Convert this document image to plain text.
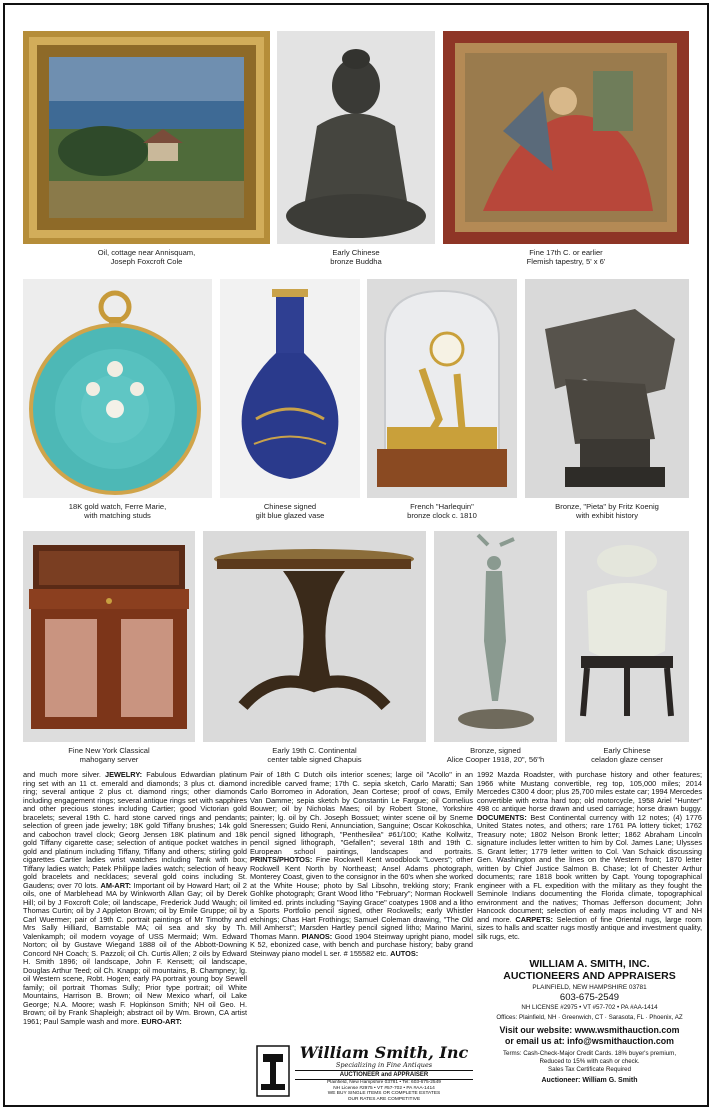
Oil, cottage near Annisquam,
Joseph Foxcroft Cole
Early Chinese
bronze Buddha
Fine 17th C. or earlier
Flemish tapestry, 5' x 6'
18K gold watch, Ferre Marie,
with matching studs
Chinese signed
gilt blue glazed vase
French "Harlequin"
bronze clock c. 1810
Bronze, "Pieta" by Fritz Koenig
with exhibit history
Fine New York Classical
mahogany server
Early 19th C. Continental
center table signed Chapuis
Bronze, signed
Alice Cooper 1918, 20", 56"h
Early Chinese
celadon glaze censer

and much more silver. JEWELRY: Fabulous Edwardian platinum ring set with an 11 ct. emerald and diamonds; 3 plus ct. diamond ring; several antique 2 plus ct. diamond rings; other diamonds including engagement rings; several antique rings set with sapphires and other precious stones including Cartier; good Victorian gold bracelets; several 19th C. hard stone carved rings and pendants; selection of green jade jewelry; 18K gold Tiffany brushes; 14k gold and cabochon travel clock; Georg Jensen 18K platinum and 18k gold Tiffany cigarette case; selection of antique pocket watches in gold and platinum including Tiffany, Tiffany and others; stirling gold cigarettes Cartier ladies wrist watches including Tank with box; Tiffany ladies watch; Patek Philippe ladies watch; selection of heavy gold bracelets and necklaces; several gold coins including St. Gaudens; over 70 lots. AM-ART: Important oil by Howard Hart; oil 2 oils, one of Marblehead MA by Winkworth Allan Gay; oil by Derek Hill; oil by J Foxcroft Cole; oil landscape, Frederick Judd Waugh; oil Thomas Curtin; oil by J Appleton Brown; oil by Emile Gruppe; oil by Carl Wuermer; pair of 19th C. portrait paintings of Mr Timothy and Mrs Sally Hilliard, Barnstable MA; oil sea and sky by Th. Valenkamph; oil modern voyage of USS Mermaid; Wm. Edward Norton; oil by Gustave Wiegand 1888 oil of the Abbott-Downing Concord NH Coach; S. Pazzoli; oil Ch. Curtis Allen; 2 oils by Edward H. Smith 1896; oil landscape, John F. Kensett; oil landscape, Douglas Arthur Teed; oil Ch. Knapp; oil mountains, B. Champney; lg. oil Western scene, Robt. Hogen; early PA portrait young boy Sewell family; oil portrait Thomas Sully; Prior type portrait; oil White Mountains, Harrison B. Brown; oil New Mexico wharf, oil Lake George; N.A. Moore; wash F. Hopkinson Smith; NH oil Geo. H. Brown; oil by Frank Shapleigh; abstract oil by Wm. Brown, CA artist 1961; Paul Sample wash and more. EURO-ART:

Pair of 18th C Dutch oils interior scenes; large oil "Acollo" in an incredible carved frame; 17th C. sepia sketch, Carlo Maratti; San Carlo Borromeo in Adoration, Jean Cortese; proof of cows, Emily Van Damme; sepia sketch by Constantin Le Fargue; oil Cornelius Bouwer; oil by Nicholas Maes; oil by Robert Stone, Yorkshire painter; lg. oil by Ch. Joseph Bossuet; winter scene oil by Sneme Sneressen; Guido Reni, Annunciation, Sanguine; Oscar Kokoschka, pencil signed lithograph, "Penthesilea" #61/100; Kathe Kollwitz, pencil signed lithograph, "Gefallen"; several 18th and 19th C. European school paintings, landscapes and portraits. PRINTS/PHOTOS: Fine Rockwell Kent woodblock "Lovers"; other Rockwell Kent North by Northeast; Ansel Adams photograph, Monterey Coast, given to the consignor in the 60's when she worked at the White House; photo by Sal Libsohn, trekking story; Frank Gohlke photograph; Grant Wood litho "February"; Norman Rockwell limited ed. prints including "Saying Grace" coatypes 1908 and a litho a Sports Portfolio pencil signed, other Rockwells; early Whistler etchings; Chas Hart Frothings; Samuel Coleman drawing, "The Old Mill Amherst"; Marsden Hartley pencil signed litho; Marino Marini, Thomas Mann. PIANOS: Good 1904 Steinway upright piano, model K 52, ebonized case, with bench and purchase history; baby grand Steinway piano model L ser. # 155582 etc. AUTOS:

1992 Mazda Roadster, with purchase history and other features; 1966 white Mustang convertible, reg top, 105,000 miles; 2014 Mercedes C300 4 door; plus 25,700 miles estate car; 1994 Mercedes convertible with extra hard top; old motorcycle, 1958 Ariel "Hunter" 498 cc antique horse drawn and used carriage; horse drawn buggy. DOCUMENTS: Best Continental currency with 12 notes; (4) 1776 United States notes, and others; rare 1761 PA lottery ticket; 1762 Treasury note; 1802 Nelson Bronk letter; 1862 Abraham Lincoln signature includes letter written to him by Col. James Lane; Ulysses S. Grant letter; 1779 letter written to Col. Van Schaick discussing Gen. Washington and the lines on the Western front; 1870 letter written by Chief Justice Salmon B. Chase; lot of Chester Arthur documents; rare 1818 book written by Capt. Young topographical engineer with a FL expedition with the military as they fought the Seminole Indians documenting the Florida climate, topographical environment and the natives; Thomas Jefferson document; John Hancock document; selection of early maps including VT and NH and more. CARPETS: Selection of fine Oriental rugs, large room sizes to halls and scatter rugs mostly antique and investment quality, silk rugs, etc.

William Smith, Inc
Specializing in Fine Antiques
AUCTIONEER and APPRAISER
Plainfield, New Hampshire 03781 • Tel: 603-675-2549
NH License #2975 • VT #57-702 • PA #AA-1414
WE BUY SINGLE ITEMS OR COMPLETE ESTATES
OUR RATES ARE COMPETITIVE
WILLIAM A. SMITH, INC.
AUCTIONEERS AND APPRAISERS
PLAINFIELD, NEW HAMPSHIRE 03781
603-675-2549
NH LICENSE #2975 • VT #57-702 • PA #AA-1414
Offices: Plainfield, NH · Greenwich, CT · Sarasota, FL · Phoenix, AZ
Visit our website: www.wsmithauction.com
or email us at: info@wsmithauction.com
Terms: Cash-Check-Major Credit Cards. 18% buyer's premium,
Reduced to 15% with cash or check.
Sales Tax Certificate Required
Auctioneer: William G. Smith
